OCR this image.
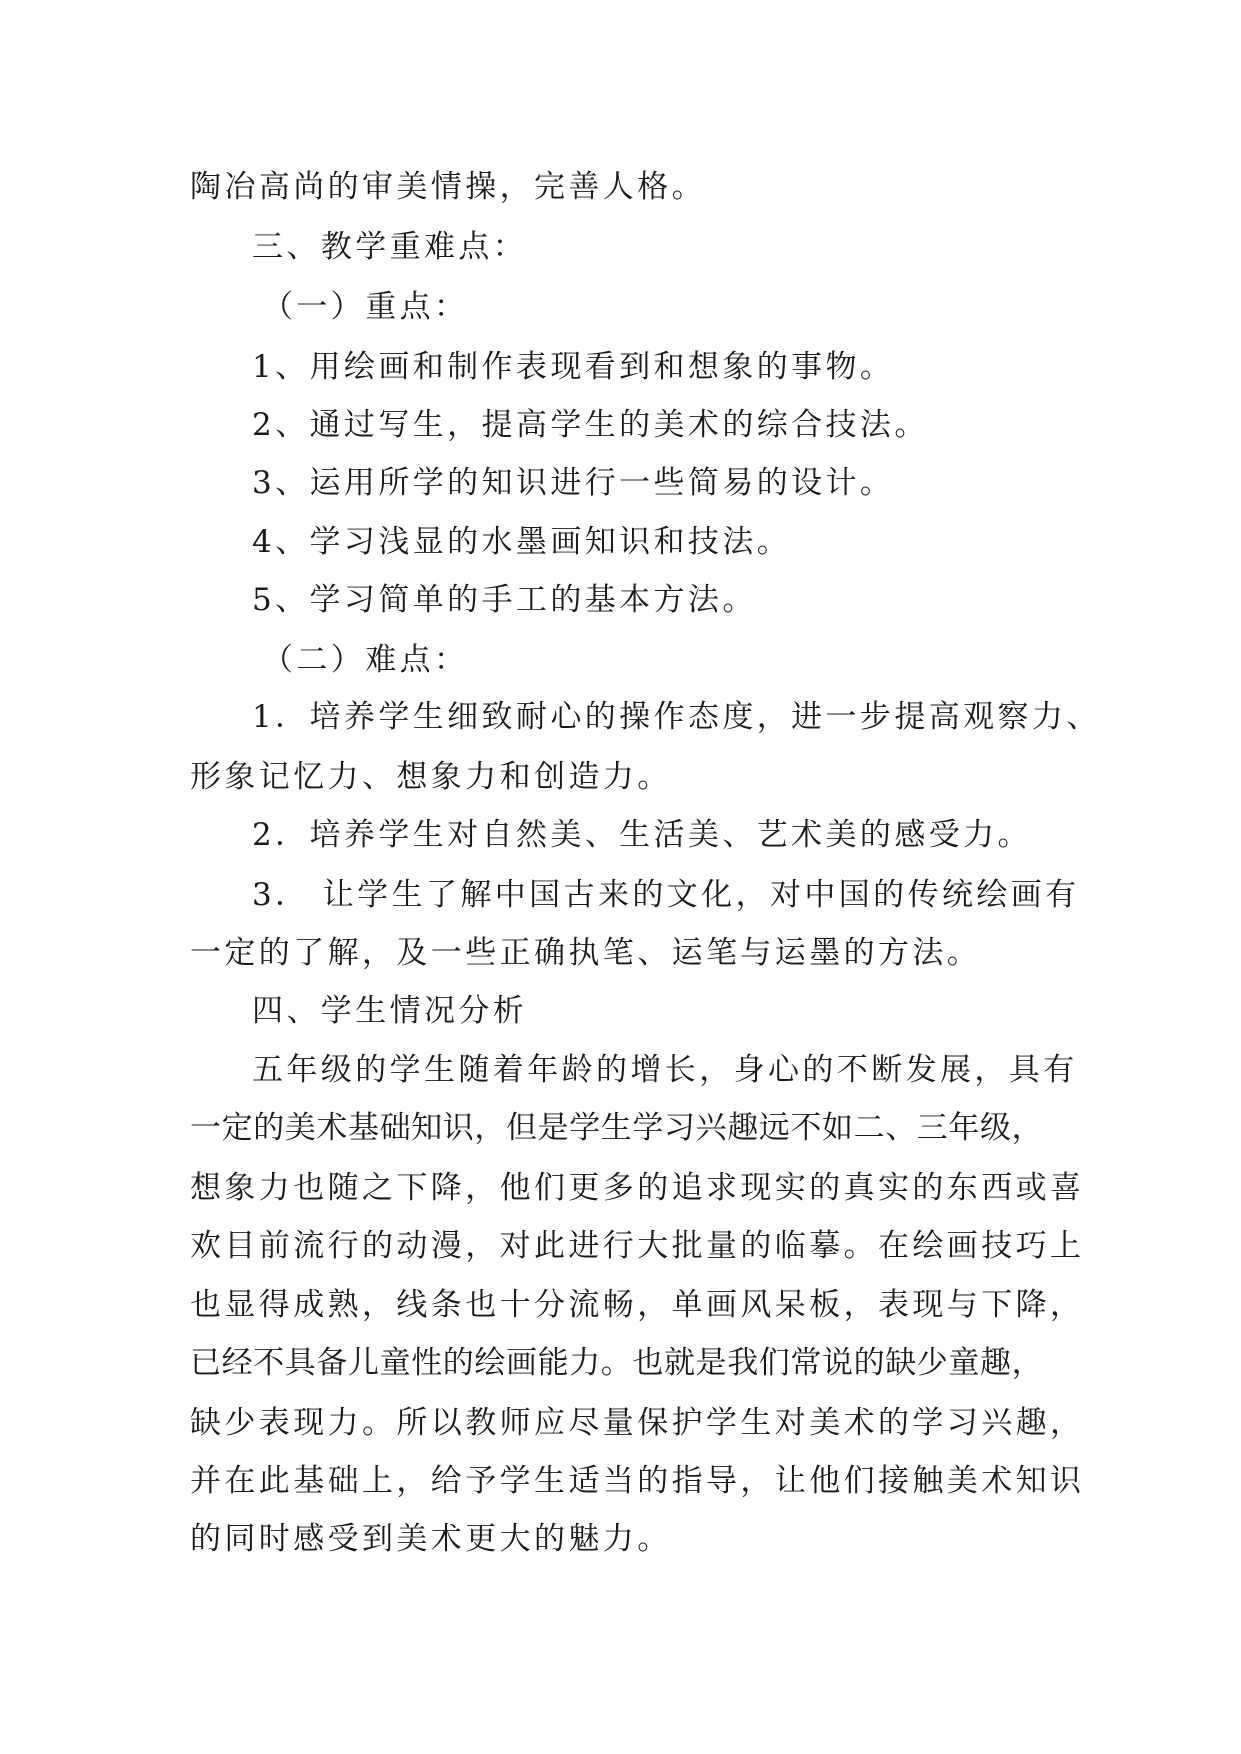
陶冶高尚的审美情操，完善人格。
三、教学重难点：
（一）重点：
1、用绘画和制作表现看到和想象的事物。
2、通过写生，提高学生的美术的综合技法。
3、运用所学的知识进行一些简易的设计。
4、学习浅显的水墨画知识和技法。
5、学习简单的手工的基本方法。
（二）难点：
1．培养学生细致耐心的操作态度，进一步提高观察力、
形象记忆力、想象力和创造力。
2．培养学生对自然美、生活美、艺术美的感受力。
3． 让学生了解中国古来的文化，对中国的传统绘画有
一定的了解，及一些正确执笔、运笔与运墨的方法。
四、学生情况分析
五年级的学生随着年龄的增长，身心的不断发展，具有
一定的美术基础知识，但是学生学习兴趣远不如二、三年级，
想象力也随之下降，他们更多的追求现实的真实的东西或喜
欢目前流行的动漫，对此进行大批量的临摹。在绘画技巧上
也显得成熟，线条也十分流畅，单画风呆板，表现与下降，
已经不具备儿童性的绘画能力。也就是我们常说的缺少童趣，
缺少表现力。所以教师应尽量保护学生对美术的学习兴趣，
并在此基础上，给予学生适当的指导，让他们接触美术知识
的同时感受到美术更大的魅力。
